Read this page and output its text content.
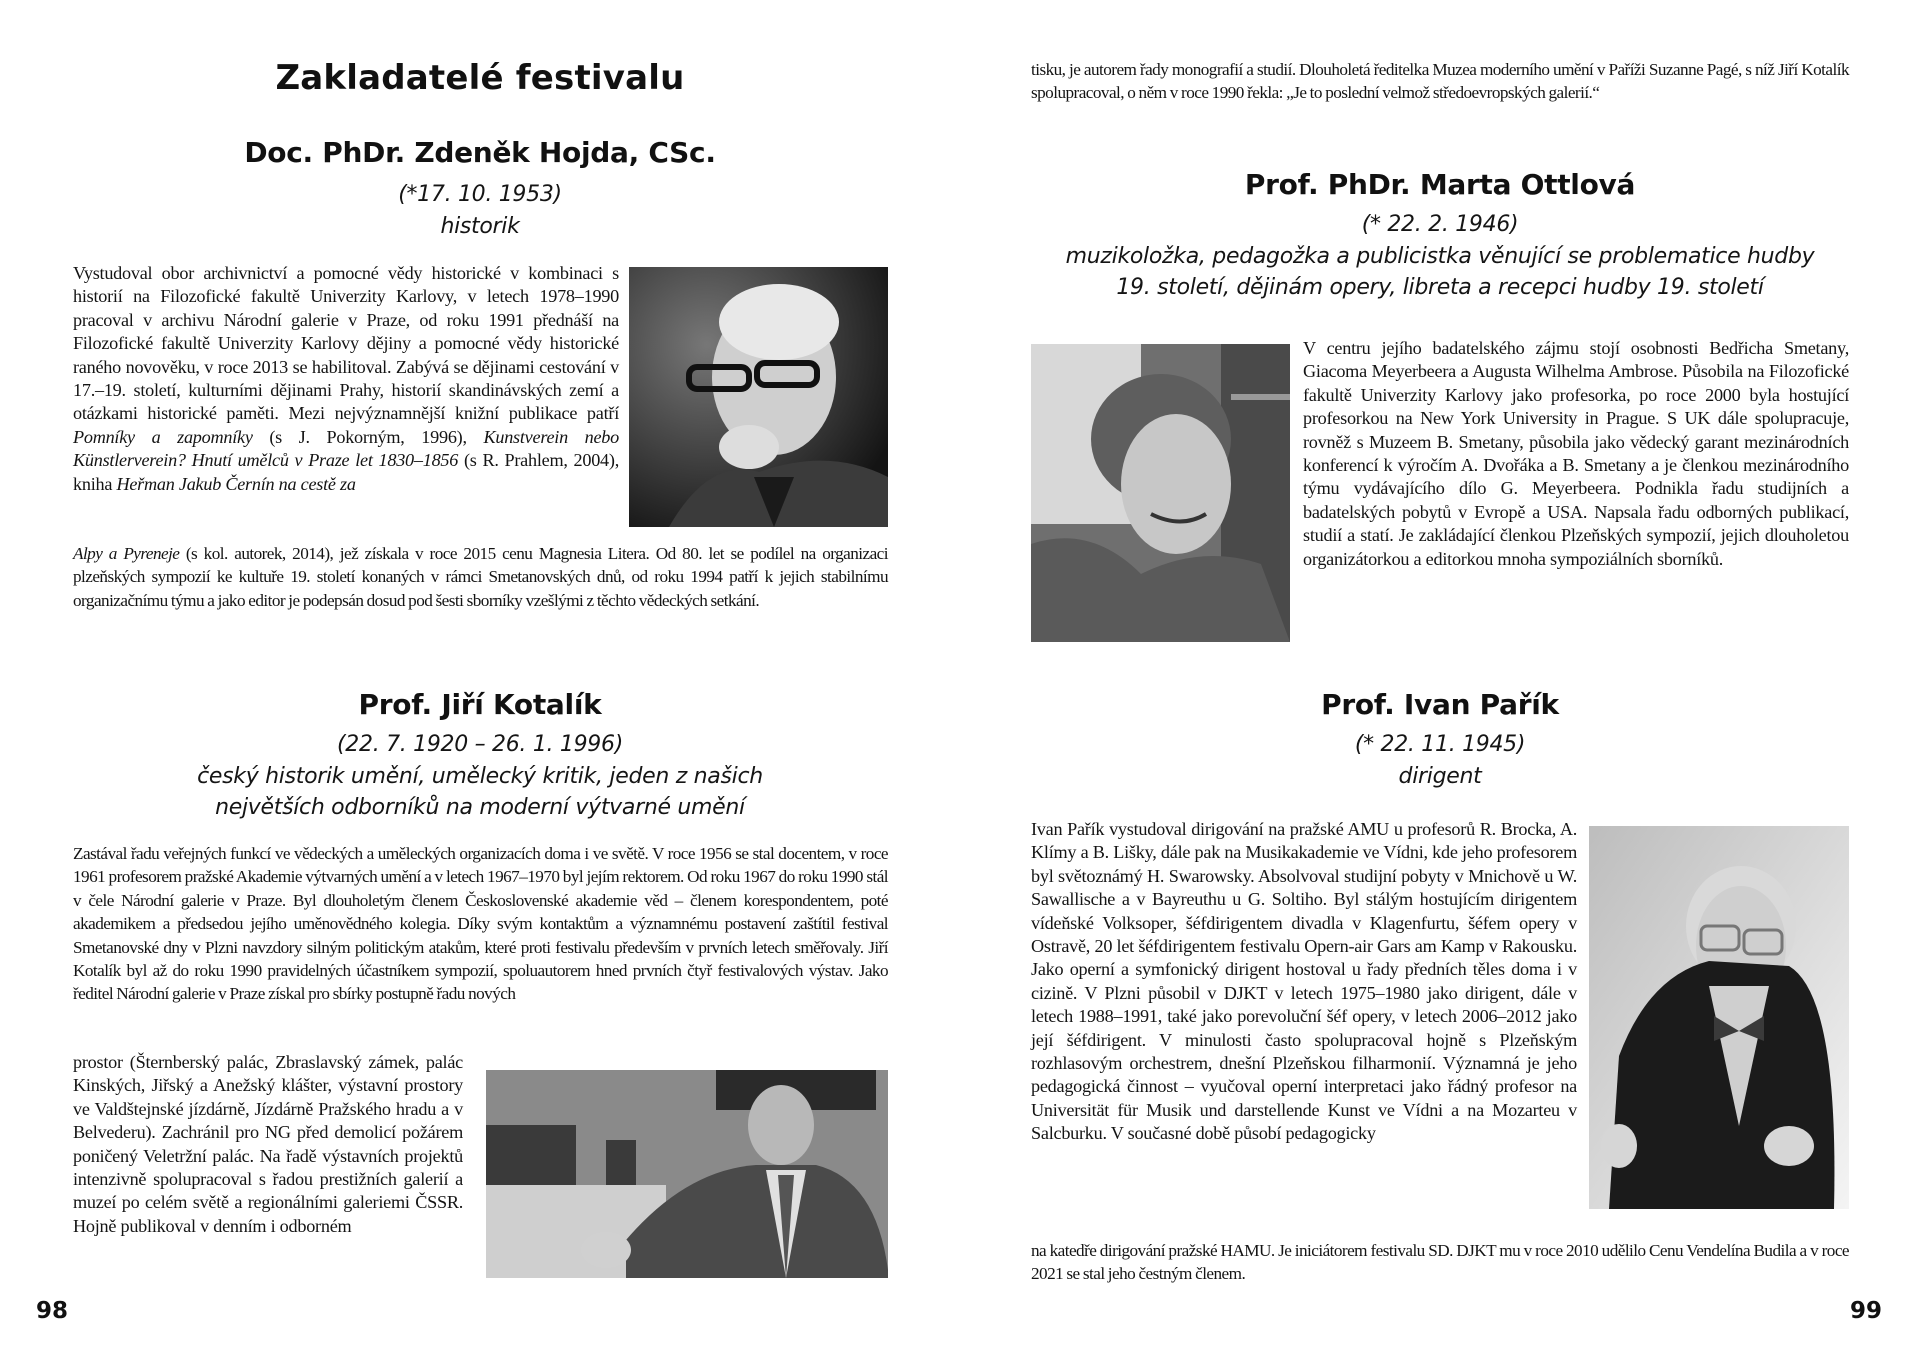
Zakladatelé festivalu
Doc. PhDr. Zdeněk Hojda, CSc.
(*17. 10. 1953)
historik

Vystudoval obor archivnictví a pomocné vědy historické v kombinaci s historií na Filozofické fakultě Univerzity Karlovy, v letech 1978–1990 pracoval v archivu Národní galerie v Praze, od roku 1991 přednáší na Filozofické fakultě Univerzity Karlovy dějiny a pomocné vědy historické raného novověku, v roce 2013 se habilitoval. Zabývá se dějinami cestování v 17.–19. století, kulturními dějinami Prahy, historií skandinávských zemí a otázkami historické paměti. Mezi nejvýznamnější knižní publikace patří Pomníky a zapomníky (s J. Pokorným, 1996), Kunstverein nebo Künstlerverein? Hnutí umělců v Praze let 1830–1856 (s R. Prahlem, 2004), kniha Heřman Jakub Černín na cestě za

Alpy a Pyreneje (s kol. autorek, 2014), jež získala v roce 2015 cenu Magnesia Litera. Od 80. let se podílel na organizaci plzeňských sympozií ke kultuře 19. století konaných v rámci Smetanovských dnů, od roku 1994 patří k jejich stabilnímu organizačnímu týmu a jako editor je podepsán dosud pod šesti sborníky vzešlými z těchto vědeckých setkání.

Prof. Jiří Kotalík
(22. 7. 1920 – 26. 1. 1996)
český historik umění, umělecký kritik, jeden z našich
největších odborníků na moderní výtvarné umění

Zastával řadu veřejných funkcí ve vědeckých a uměleckých organizacích doma i ve světě. V roce 1956 se stal docentem, v roce 1961 profesorem pražské Akademie výtvarných umění a v letech 1967–1970 byl jejím rektorem. Od roku 1967 do roku 1990 stál v čele Národní galerie v Praze. Byl dlouholetým členem Československé akademie věd – členem korespondentem, poté akademikem a předsedou jejího uměnovědného kolegia. Díky svým kontaktům a významnému postavení zaštítil festival Smetanovské dny v Plzni navzdory silným politickým atakům, které proti festivalu především v prvních letech směřovaly. Jiří Kotalík byl až do roku 1990 pravidelných účastníkem sympozií, spoluautorem hned prvních čtyř festivalových výstav. Jako ředitel Národní galerie v Praze získal pro sbírky postupně řadu nových

prostor (Šternberský palác, Zbraslavský zámek, palác Kinských, Jiřský a Anežský klášter, výstavní prostory ve Valdštejnské jízdárně, Jízdárně Pražského hradu a v Belvederu). Zachránil pro NG před demolicí požárem poničený Veletržní palác. Na řadě výstavních projektů intenzivně spolupracoval s řadou prestižních galerií a muzeí po celém světě a regionálními galeriemi ČSSR. Hojně publikoval v denním i odborném

98

tisku, je autorem řady monografií a studií. Dlouholetá ředitelka Muzea moderního umění v Paříži Suzanne Pagé, s níž Jiří Kotalík spolupracoval, o něm v roce 1990 řekla: „Je to poslední velmož středoevropských galerií.“

Prof. PhDr. Marta Ottlová
(* 22. 2. 1946)
muzikoložka, pedagožka a publicistka věnující se problematice hudby
19. století, dějinám opery, libreta a recepci hudby 19. století

V centru jejího badatelského zájmu stojí osobnosti Bedřicha Smetany, Giacoma Meyerbeera a Augusta Wilhelma Ambrose. Působila na Filozofické fakultě Univerzity Karlovy jako profesorka, po roce 2000 byla hostující profesorkou na New York University in Prague. S UK dále spolupracuje, rovněž s Muzeem B. Smetany, působila jako vědecký garant mezinárodních konferencí k výročím A. Dvořáka a B. Smetany a je členkou mezinárodního týmu vydávajícího dílo G. Meyerbeera. Podnikla řadu studijních a badatelských pobytů v Evropě a USA. Napsala řadu odborných publikací, studií a statí. Je zakládající členkou Plzeňských sympozií, jejich dlouholetou organizátorkou a editorkou mnoha sympoziálních sborníků.

Prof. Ivan Pařík
(* 22. 11. 1945)
dirigent

Ivan Pařík vystudoval dirigování na pražské AMU u profesorů R. Brocka, A. Klímy a B. Lišky, dále pak na Musikakademie ve Vídni, kde jeho profesorem byl světoznámý H. Swarowsky. Absolvoval studijní pobyty v Mnichově u W. Sawallische a v Bayreuthu u G. Soltiho. Byl stálým hostujícím dirigentem vídeňské Volksoper, šéfdirigentem divadla v Klagenfurtu, šéfem opery v Ostravě, 20 let šéfdirigentem festivalu Opern-air Gars am Kamp v Rakousku. Jako operní a symfonický dirigent hostoval u řady předních těles doma i v cizině. V Plzni působil v DJKT v letech 1975–1980 jako dirigent, dále v letech 1988–1991, také jako porevoluční šéf opery, v letech 2006–2012 jako její šéfdirigent. V minulosti často spolupracoval hojně s Plzeňským rozhlasovým orchestrem, dnešní Plzeňskou filharmonií. Významná je jeho pedagogická činnost – vyučoval operní interpretaci jako řádný profesor na Universität für Musik und darstellende Kunst ve Vídni a na Mozarteu v Salcburku. V současné době působí pedagogicky

na katedře dirigování pražské HAMU. Je iniciátorem festivalu SD. DJKT mu v roce 2010 udělilo Cenu Vendelína Budila a v roce 2021 se stal jeho čestným členem.

99
